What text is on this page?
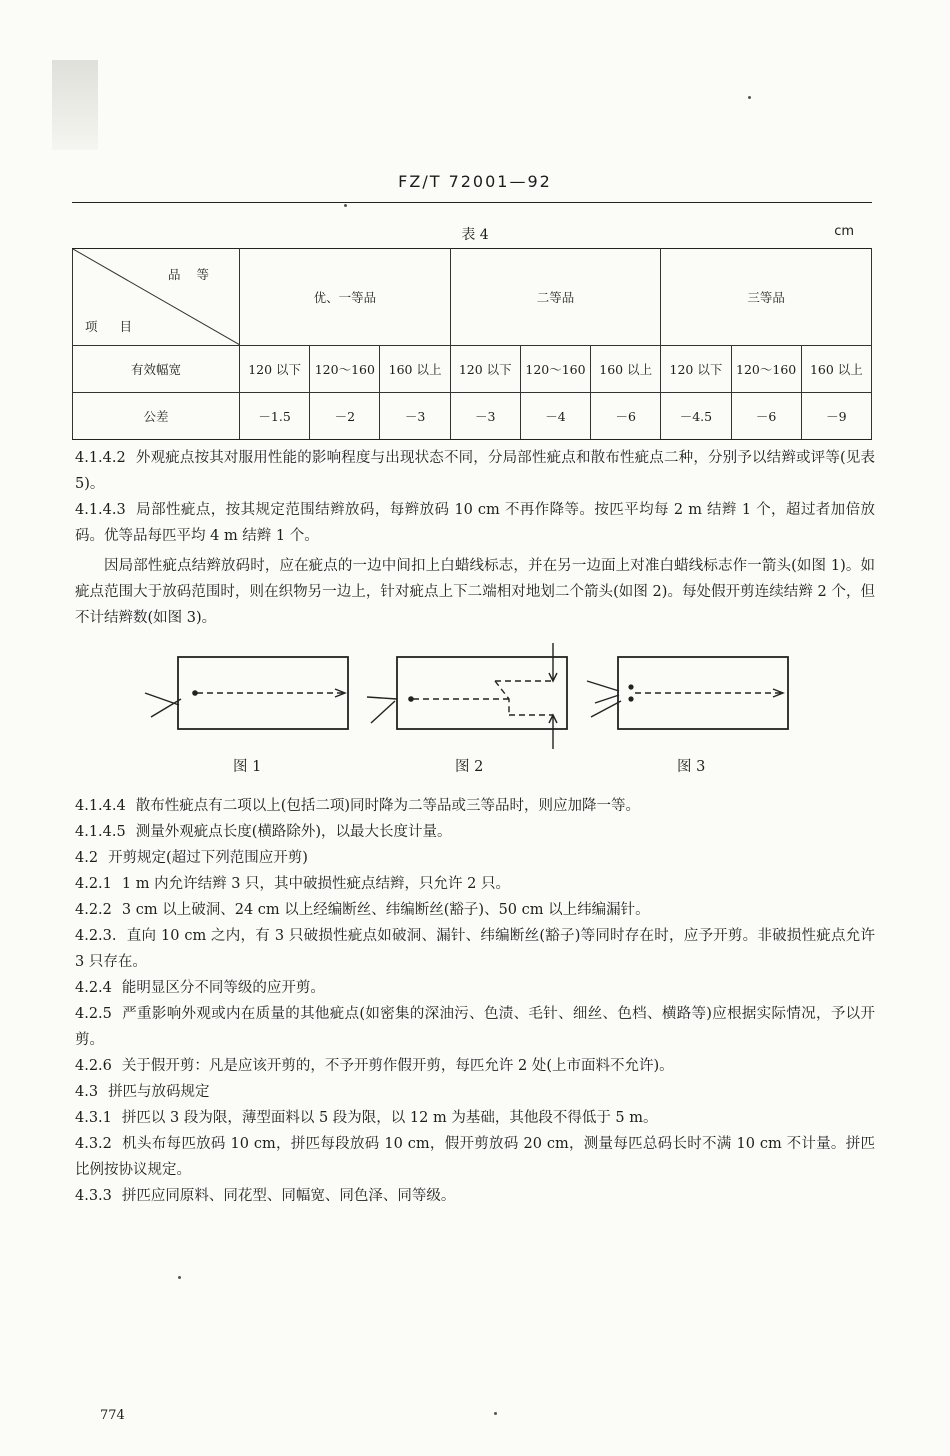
FZ/T 72001—92
表 4	cm
品等
项目	优、一等品			二等品			三等品		
有效幅宽	120 以下	120～160	160 以上	120 以下	120～160	160 以上	120 以下	120～160	160 以上
公差	－1.5	－2	－3	－3	－4	－6	－4.5	－6	－9

4.1.4.2 外观疵点按其对服用性能的影响程度与出现状态不同，分局部性疵点和散布性疵点二种，分别予以结辫或评等(见表 5)。

4.1.4.3 局部性疵点，按其规定范围结辫放码，每辫放码 10 cm 不再作降等。按匹平均每 2 m 结辫 1 个，超过者加倍放码。优等品每匹平均 4 m 结辫 1 个。

因局部性疵点结辫放码时，应在疵点的一边中间扣上白蜡线标志，并在另一边面上对准白蜡线标志作一箭头(如图 1)。如疵点范围大于放码范围时，则在织物另一边上，针对疵点上下二端相对地划二个箭头(如图 2)。每处假开剪连续结辫 2 个，但不计结辫数(如图 3)。

图 1	图 2	图 3

4.1.4.4 散布性疵点有二项以上(包括二项)同时降为二等品或三等品时，则应加降一等。

4.1.4.5 测量外观疵点长度(横路除外)，以最大长度计量。

4.2 开剪规定(超过下列范围应开剪)

4.2.1 1 m 内允许结辫 3 只，其中破损性疵点结辫，只允许 2 只。

4.2.2 3 cm 以上破洞、24 cm 以上经编断丝、纬编断丝(豁子)、50 cm 以上纬编漏针。

4.2.3. 直向 10 cm 之内，有 3 只破损性疵点如破洞、漏针、纬编断丝(豁子)等同时存在时，应予开剪。非破损性疵点允许 3 只存在。

4.2.4 能明显区分不同等级的应开剪。

4.2.5 严重影响外观或内在质量的其他疵点(如密集的深油污、色渍、毛针、细丝、色档、横路等)应根据实际情况，予以开剪。

4.2.6 关于假开剪：凡是应该开剪的，不予开剪作假开剪，每匹允许 2 处(上市面料不允许)。

4.3 拼匹与放码规定

4.3.1 拼匹以 3 段为限，薄型面料以 5 段为限，以 12 m 为基础，其他段不得低于 5 m。

4.3.2 机头布每匹放码 10 cm，拼匹每段放码 10 cm，假开剪放码 20 cm，测量每匹总码长时不满 10 cm 不计量。拼匹比例按协议规定。

4.3.3 拼匹应同原料、同花型、同幅宽、同色泽、同等级。

774
